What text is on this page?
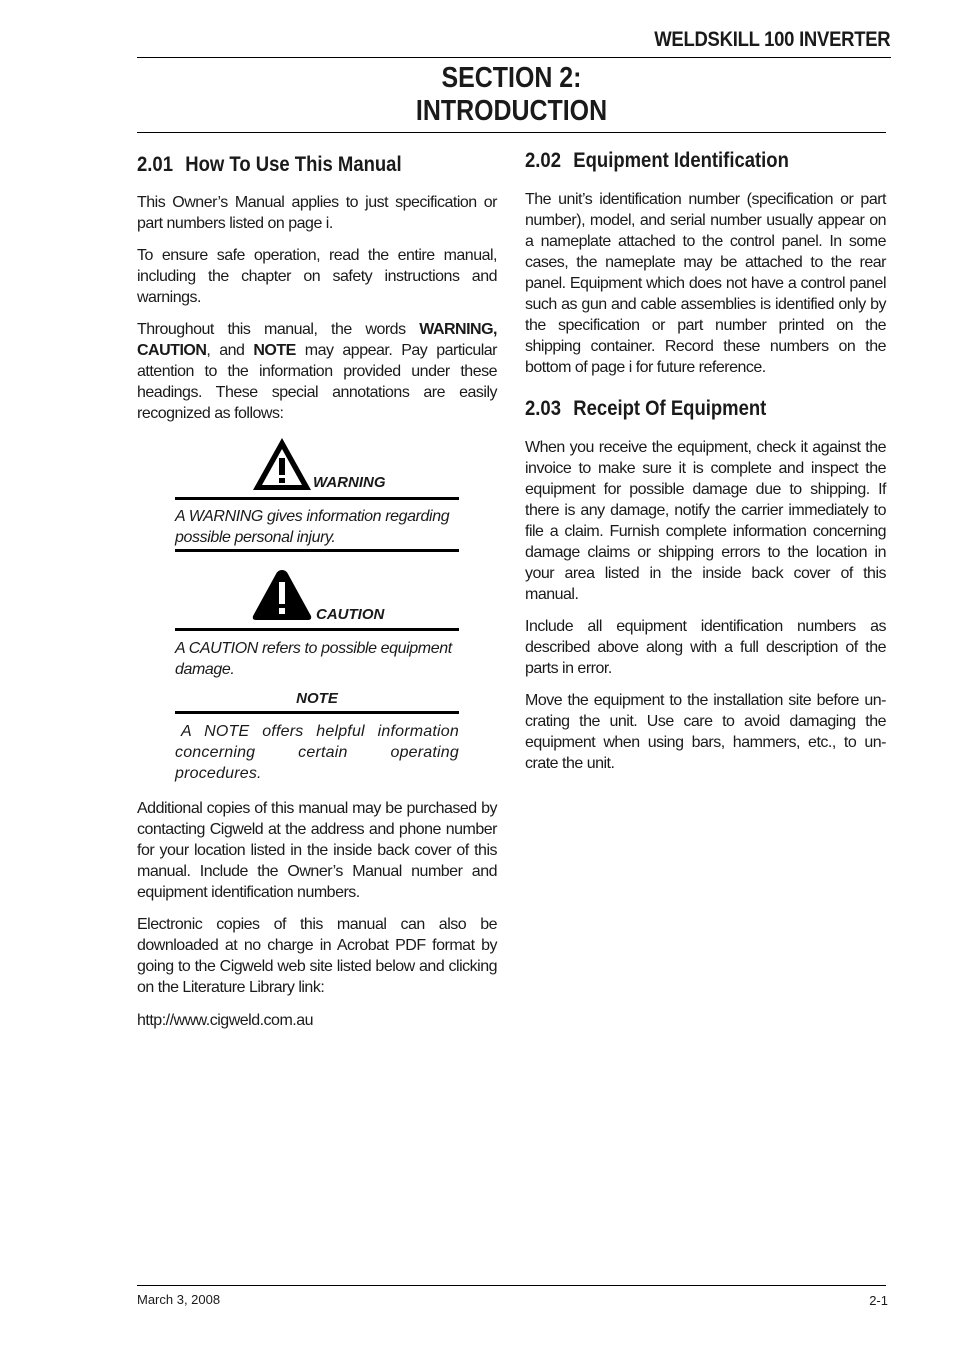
WELDSKILL 100 INVERTER
SECTION 2:
INTRODUCTION
2.01 How To Use This Manual

This Owner’s Manual applies to just specification or part numbers listed on page i.

To ensure safe operation, read the entire manual, including the chapter on safety instructions and warnings.

Throughout this manual, the words WARNING, CAUTION, and NOTE may appear. Pay particular attention to the information provided under these headings. These special annotations are easily recognized as follows:

WARNING
A WARNING gives information regarding possible personal injury.
CAUTION
A CAUTION refers to possible equipment damage.
NOTE
A NOTE offers helpful information concerning certain operating procedures.

Additional copies of this manual may be purchased by contacting Cigweld at the address and phone number for your location listed in the inside back cover of this manual. Include the Owner’s Manual number and equipment identification numbers.

Electronic copies of this manual can also be downloaded at no charge in Acrobat PDF format by going to the Cigweld web site listed below and clicking on the Literature Library link:

http://www.cigweld.com.au

2.02 Equipment Identification

The unit’s identification number (specification or part number), model, and serial number usually appear on a nameplate attached to the control panel. In some cases, the nameplate may be attached to the rear panel. Equipment which does not have a control panel such as gun and cable assemblies is identified only by the specification or part number printed on the shipping container. Record these numbers on the bottom of page i for future reference.

2.03 Receipt Of Equipment

When you receive the equipment, check it against the invoice to make sure it is complete and inspect the equipment for possible damage due to shipping. If there is any damage, notify the carrier immediately to file a claim. Furnish complete information concerning damage claims or shipping errors to the location in your area listed in the inside back cover of this manual.

Include all equipment identification numbers as described above along with a full description of the parts in error.

Move the equipment to the installation site before un-crating the unit. Use care to avoid damaging the equipment when using bars, hammers, etc., to un-crate the unit.

March 3, 2008	2-1
